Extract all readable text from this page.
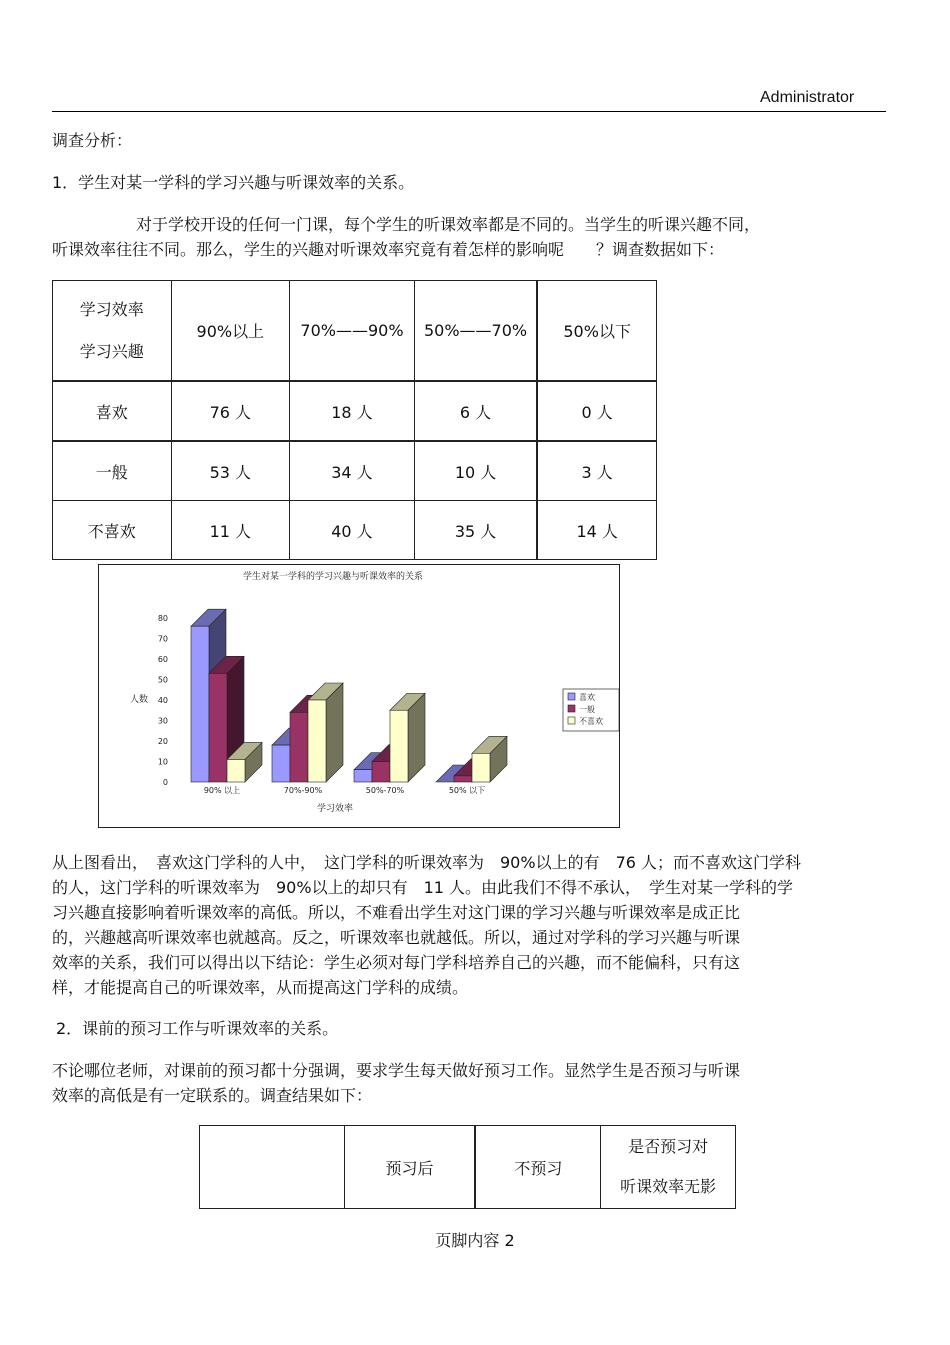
Administrator
调查分析：
1．学生对某一学科的学习兴趣与听课效率的关系。
对于学校开设的任何一门课，每个学生的听课效率都是不同的。当学生的听课兴趣不同，
听课效率往往不同。那么，学生的兴趣对听课效率究竟有着怎样的影响呢　　？调查数据如下：
学习效率
学习兴趣	90%以上	70%——90%	50%——70%	50%以下
喜欢	76 人	18 人	6 人	0 人
一般	53 人	34 人	10 人	3 人
不喜欢	11 人	40 人	35 人	14 人
学生对某一学科的学习兴趣与听课效率的关系
人数
学习效率
0
10
20
30
40
50
60
70
80
90% 以上	70%-90%	50%-70%	50% 以下
喜欢
一般
不喜欢
从上图看出，　喜欢这门学科的人中，　这门学科的听课效率为　90%以上的有　76 人；而不喜欢这门学科
的人，这门学科的听课效率为　90%以上的却只有　11 人。由此我们不得不承认，　学生对某一学科的学
习兴趣直接影响着听课效率的高低。所以，不难看出学生对这门课的学习兴趣与听课效率是成正比
的，兴趣越高听课效率也就越高。反之，听课效率也就越低。所以，通过对学科的学习兴趣与听课
效率的关系，我们可以得出以下结论：学生必须对每门学科培养自己的兴趣，而不能偏科，只有这
样，才能提高自己的听课效率，从而提高这门学科的成绩。
2．课前的预习工作与听课效率的关系。
不论哪位老师，对课前的预习都十分强调，要求学生每天做好预习工作。显然学生是否预习与听课
效率的高低是有一定联系的。调查结果如下：
	预习后	不预习	
是否预习对
听课效率无影
页脚内容 2
